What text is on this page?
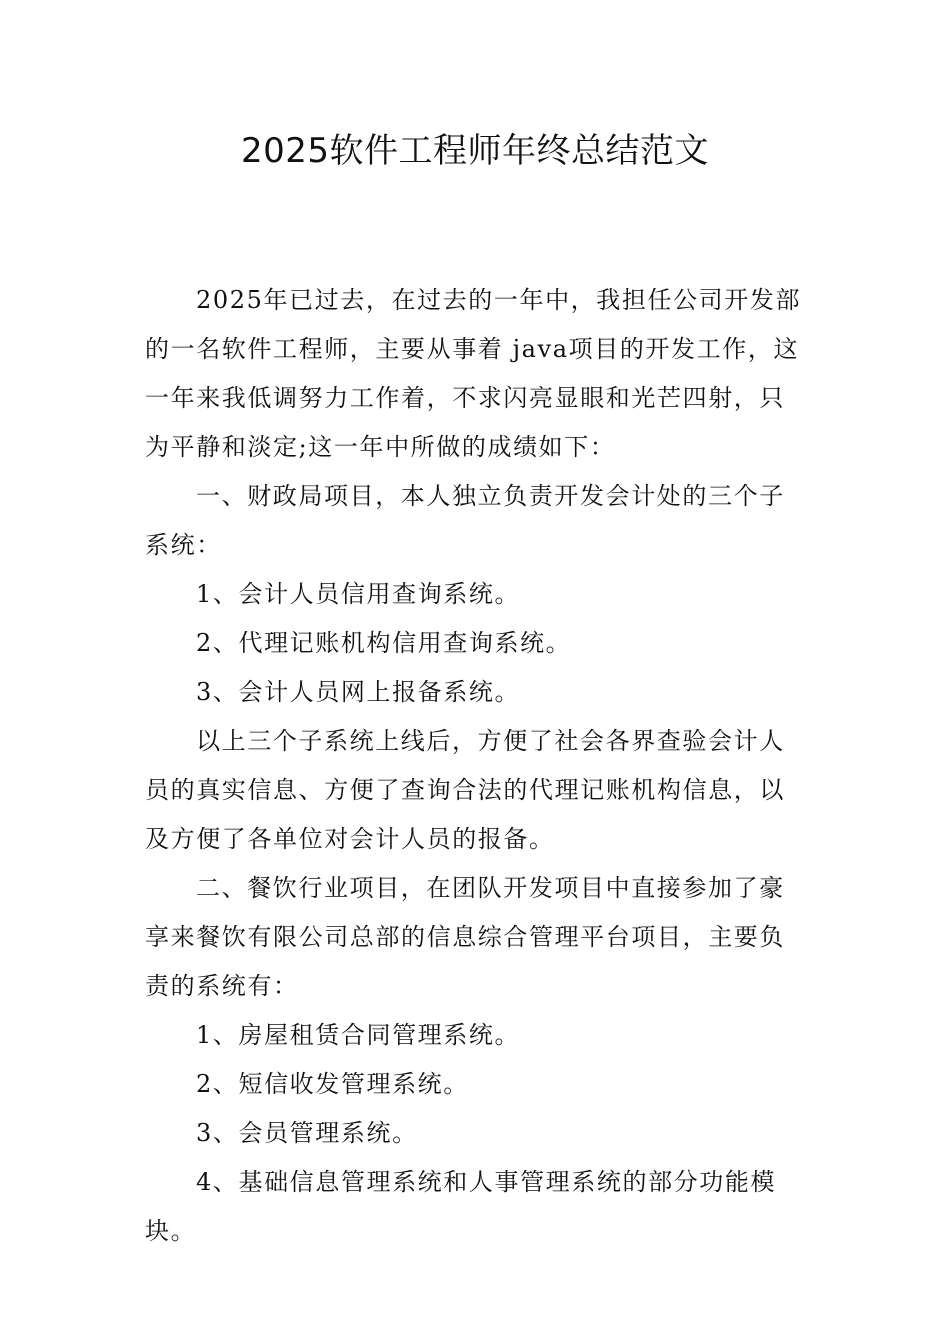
2025软件工程师年终总结范文

2025年已过去，在过去的一年中，我担任公司开发部的一名软件工程师，主要从事着 java项目的开发工作，这一年来我低调努力工作着，不求闪亮显眼和光芒四射，只为平静和淡定;这一年中所做的成绩如下：

一、财政局项目，本人独立负责开发会计处的三个子系统：

1、会计人员信用查询系统。

2、代理记账机构信用查询系统。

3、会计人员网上报备系统。

以上三个子系统上线后，方便了社会各界查验会计人员的真实信息、方便了查询合法的代理记账机构信息，以及方便了各单位对会计人员的报备。

二、餐饮行业项目，在团队开发项目中直接参加了豪享来餐饮有限公司总部的信息综合管理平台项目，主要负责的系统有：

1、房屋租赁合同管理系统。

2、短信收发管理系统。

3、会员管理系统。

4、基础信息管理系统和人事管理系统的部分功能模块。
